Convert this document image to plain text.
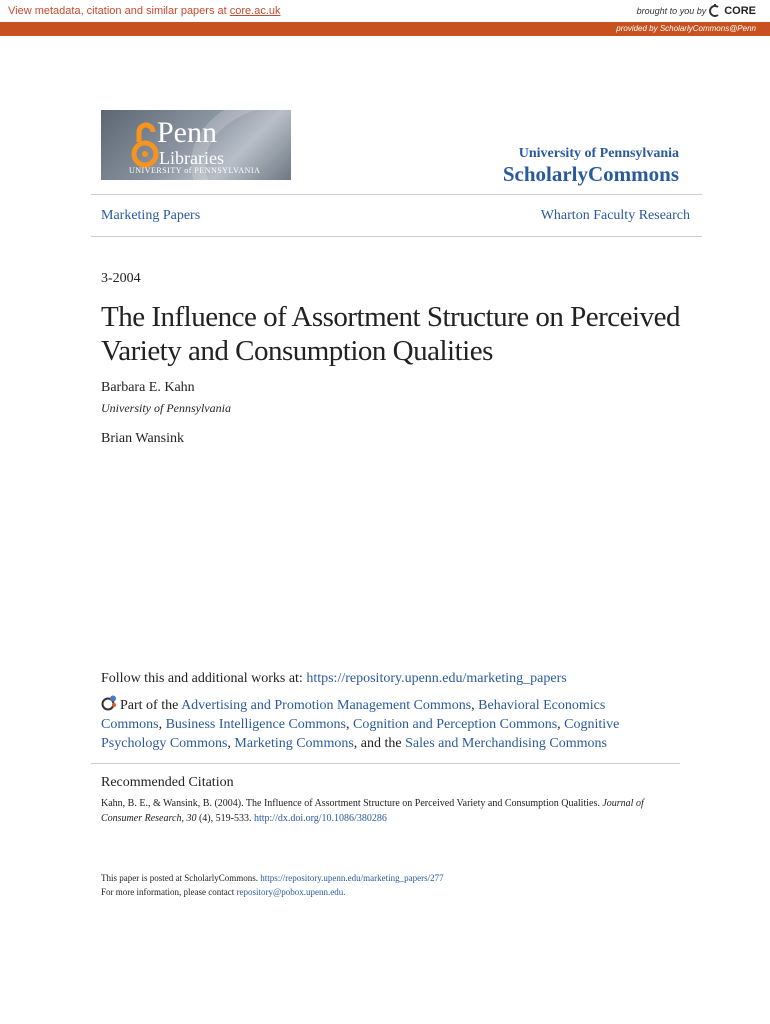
View metadata, citation and similar papers at core.ac.uk	brought to you by CORE
provided by ScholarlyCommons@Penn
Penn
Libraries
UNIVERSITY of PENNSYLVANIA
University of Pennsylvania
ScholarlyCommons
Marketing Papers	Wharton Faculty Research
3-2004
The Influence of Assortment Structure on Perceived Variety and Consumption Qualities
Barbara E. Kahn
University of Pennsylvania
Brian Wansink
Follow this and additional works at: https://repository.upenn.edu/marketing_papers
Part of the Advertising and Promotion Management Commons, Behavioral Economics Commons, Business Intelligence Commons, Cognition and Perception Commons, Cognitive Psychology Commons, Marketing Commons, and the Sales and Merchandising Commons
Recommended Citation
Kahn, B. E., & Wansink, B. (2004). The Influence of Assortment Structure on Perceived Variety and Consumption Qualities. Journal of Consumer Research, 30 (4), 519-533. http://dx.doi.org/10.1086/380286
This paper is posted at ScholarlyCommons. https://repository.upenn.edu/marketing_papers/277
For more information, please contact repository@pobox.upenn.edu.
